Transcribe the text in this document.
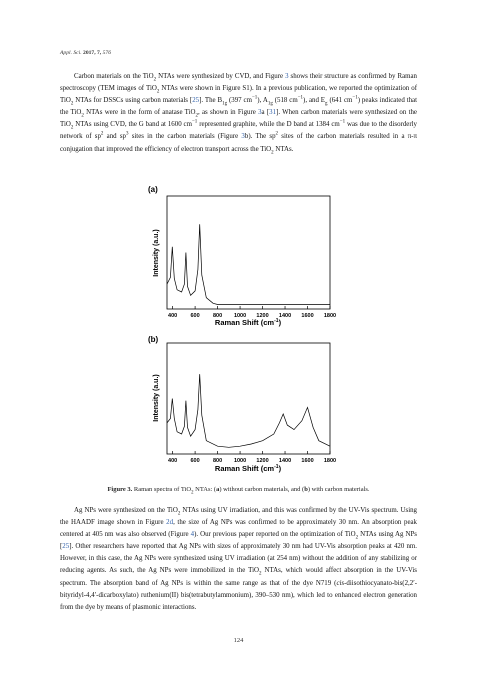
Appl. Sci. 2017, 7, 576

Carbon materials on the TiO$_2$ NTAs were synthesized by CVD, and Figure 3 shows their structure as confirmed by Raman spectroscopy (TEM images of TiO$_2$ NTAs were shown in Figure S1). In a previous publication, we reported the optimization of TiO$_2$ NTAs for DSSCs using carbon materials [25]. The $B_{1g}$ (397 $cm^{-1}$), $A_{1g}$ (518 $cm^{-1}$), and $E_g$ (641 $cm^{-1}$) peaks indicated that the TiO$_2$ NTAs were in the form of anatase TiO$_2$, as shown in Figure 3a [31]. When carbon materials were synthesized on the TiO$_2$ NTAs using CVD, the G band at 1600 $cm^{-1}$ represented graphite, while the D band at 1384 $cm^{-1}$ was due to the disorderly network of $sp^2$ and $sp^3$ sites in the carbon materials (Figure 3b). The $sp^2$ sites of the carbon materials resulted in a π-π conjugation that improved the efficiency of electron transport across the TiO$_2$ NTAs.

(a)
Intensity (a.u.)
400 600 800 1000 1200 1400 1600 1800
Raman Shift $(cm^{-1})$
(b)
Intensity (a.u.)
400 600 800 1000 1200 1400 1600 1800
Raman Shift $(cm^{-1})$
Figure 3. Raman spectra of TiO$_2$ NTAs: (a) without carbon materials, and (b) with carbon materials.

Ag NPs were synthesized on the TiO$_2$ NTAs using UV irradiation, and this was confirmed by the UV-Vis spectrum. Using the HAADF image shown in Figure 2d, the size of Ag NPs was confirmed to be approximately 30 nm. An absorption peak centered at 405 nm was also observed (Figure 4). Our previous paper reported on the optimization of TiO$_2$ NTAs using Ag NPs [25]. Other researchers have reported that Ag NPs with sizes of approximately 30 nm had UV-Vis absorption peaks at 420 nm. However, in this case, the Ag NPs were synthesized using UV irradiation (at 254 nm) without the addition of any stabilizing or reducing agents. As such, the Ag NPs were immobilized in the TiO$_2$ NTAs, which would affect absorption in the UV-Vis spectrum. The absorption band of Ag NPs is within the same range as that of the dye N719 (cis-diisothiocyanato-bis(2,2′-bityridyl-4,4′-dicarboxylato) ruthenium(II) bis(tetrabutylammonium), 390–530 nm), which led to enhanced electron generation from the dye by means of plasmonic interactions.

124
